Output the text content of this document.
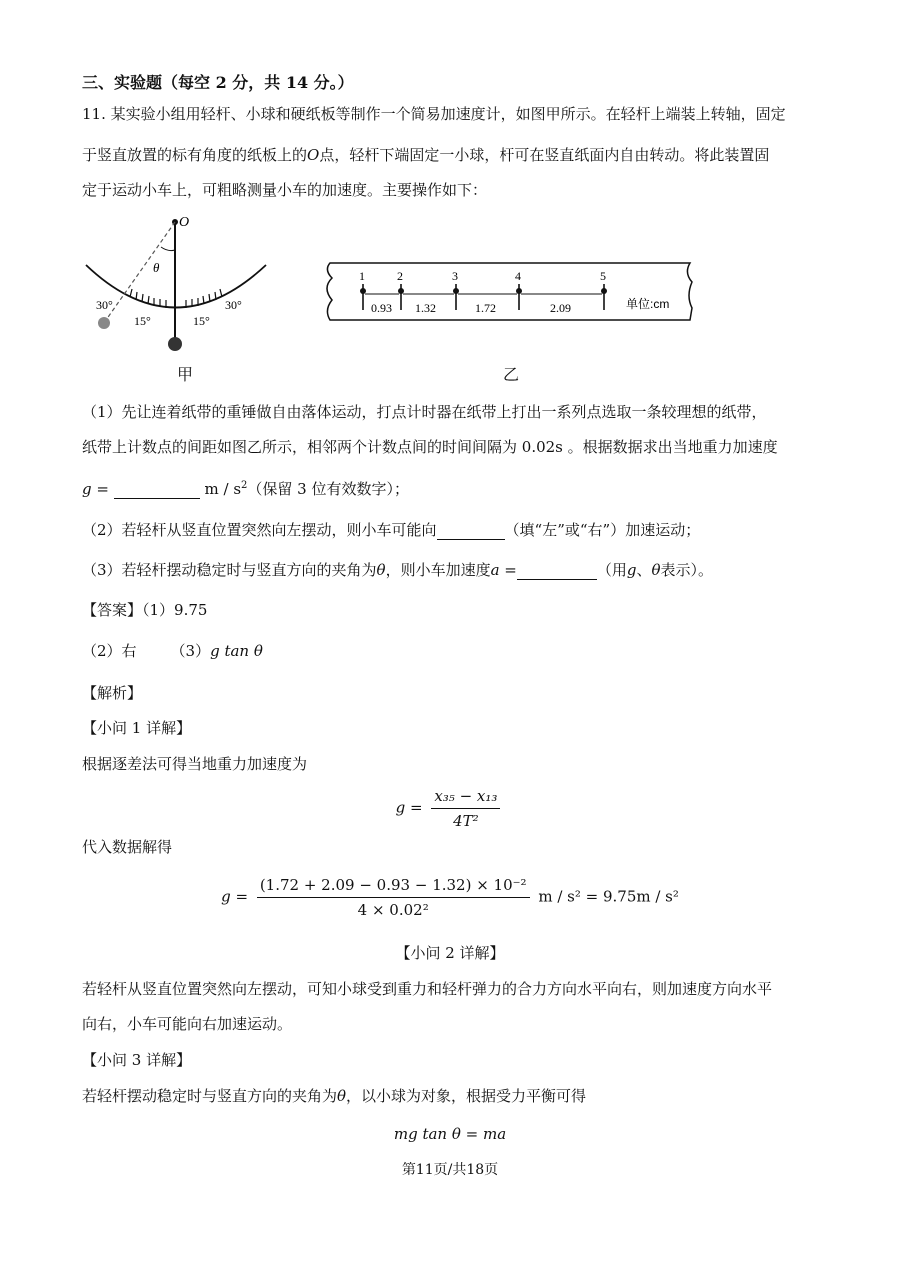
三、实验题（每空 2 分，共 14 分。）
11. 某实验小组用轻杆、小球和硬纸板等制作一个简易加速度计，如图甲所示。在轻杆上端装上转轴，固定
于竖直放置的标有角度的纸板上的O点，轻杆下端固定一小球，杆可在竖直纸面内自由转动。将此装置固
定于运动小车上，可粗略测量小车的加速度。主要操作如下：
O
θ
30°
15°	15°
30°
甲
1	2	3	4	5
0.93 1.32	1.72	2.09	单位:cm
乙
（1）先让连着纸带的重锤做自由落体运动，打点计时器在纸带上打出一系列点选取一条较理想的纸带，
纸带上计数点的间距如图乙所示，相邻两个计数点间的时间间隔为 0.02s 。根据数据求出当地重力加速度
g =	m / $s^2$（保留 3 位有效数字）；
（2）若轻杆从竖直位置突然向左摆动，则小车可能向	（填“左”或“右”）加速运动；
（3）若轻杆摆动稳定时与竖直方向的夹角为θ，则小车加速度a =	（用g、θ表示）。
【答案】（1）9.75
（2）右 （3）g tan θ
【解析】
【小问 1 详解】
根据逐差法可得当地重力加速度为
$g = \frac{\text{x₃₅ − x₁₃}}{\text{4T²}}$
代入数据解得
$g = \frac{\text{(1.72 + 2.09 − 0.93 − 1.32) × 10⁻²}}{\text{4 × 0.02²}}$ m / s² = 9.75m / s²
【小问 2 详解】
若轻杆从竖直位置突然向左摆动，可知小球受到重力和轻杆弹力的合力方向水平向右，则加速度方向水平
向右，小车可能向右加速运动。
【小问 3 详解】
若轻杆摆动稳定时与竖直方向的夹角为θ，以小球为对象，根据受力平衡可得
mg tan θ = ma
第11页/共18页
